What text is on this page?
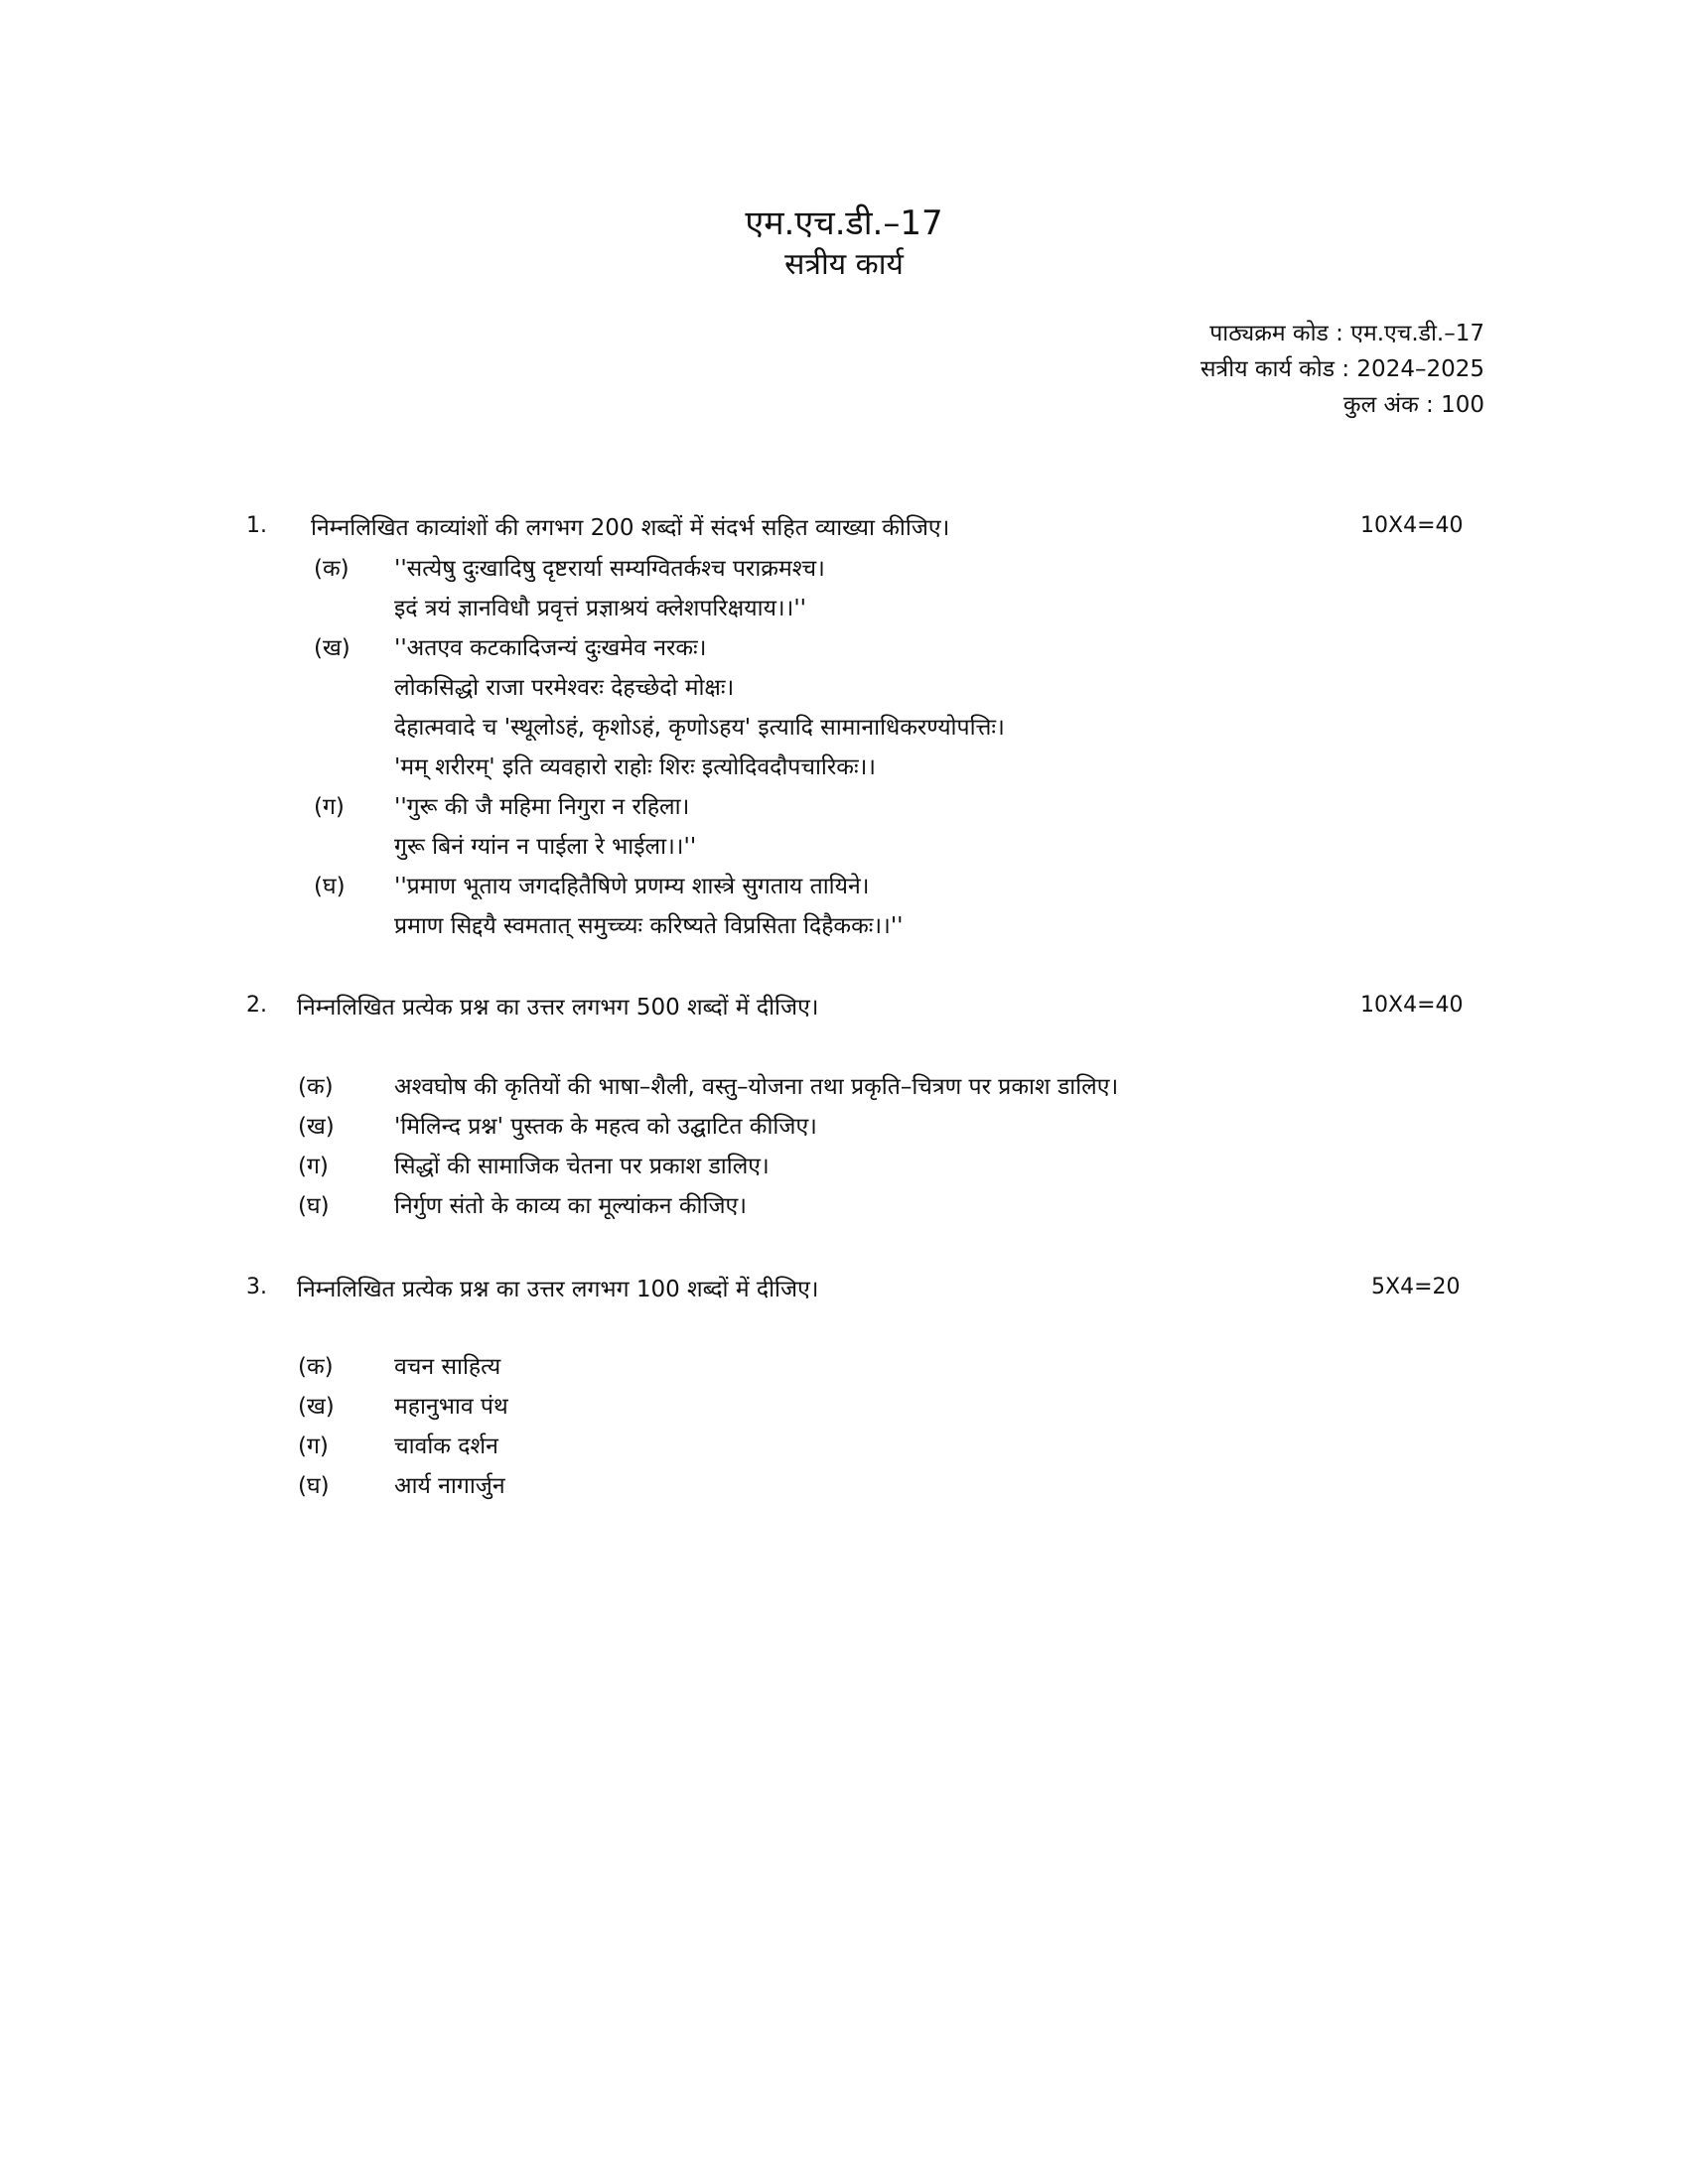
एम.एच.डी.–17
सत्रीय कार्य
पाठ्यक्रम कोड : एम.एच.डी.–17
सत्रीय कार्य कोड : 2024–2025
कुल अंक : 100
1. निम्नलिखित काव्यांशों की लगभग 200 शब्दों में संदर्भ सहित व्याख्या कीजिए।	10X4=40
(क) ''सत्येषु दुःखादिषु दृष्टरार्या सम्यग्वितर्कश्च पराक्रमश्च।
इदं त्रयं ज्ञानविधौ प्रवृत्तं प्रज्ञाश्रयं क्लेशपरिक्षयाय।।''
(ख) ''अतएव कटकादिजन्यं दुःखमेव नरकः।
लोकसिद्धो राजा परमेश्वरः देहच्छेदो मोक्षः।
देहात्मवादे च 'स्थूलोऽहं, कृशोऽहं, कृणोऽहय' इत्यादि सामानाधिकरण्योपत्तिः।
'मम् शरीरम्' इति व्यवहारो राहोः शिरः इत्योदिवदौपचारिकः।।
(ग) ''गुरू की जै महिमा निगुरा न रहिला।
गुरू बिनं ग्यांन न पाईला रे भाईला।।''
(घ) ''प्रमाण भूताय जगदहितैषिणे प्रणम्य शास्त्रे सुगताय तायिने।
प्रमाण सिद्दयै स्वमतात् समुच्च्यः करिष्यते विप्रसिता दिहैककः।।''
2. निम्नलिखित प्रत्येक प्रश्न का उत्तर लगभग 500 शब्दों में दीजिए।	10X4=40
(क)	अश्वघोष की कृतियों की भाषा–शैली, वस्तु–योजना तथा प्रकृति–चित्रण पर प्रकाश डालिए।
(ख)	'मिलिन्द प्रश्न' पुस्तक के महत्व को उद्घाटित कीजिए।
(ग)	सिद्धों की सामाजिक चेतना पर प्रकाश डालिए।
(घ)	निर्गुण संतो के काव्य का मूल्यांकन कीजिए।
3. निम्नलिखित प्रत्येक प्रश्न का उत्तर लगभग 100 शब्दों में दीजिए।	5X4=20
(क)	वचन साहित्य
(ख)	महानुभाव पंथ
(ग)	चार्वाक दर्शन
(घ)	आर्य नागार्जुन
